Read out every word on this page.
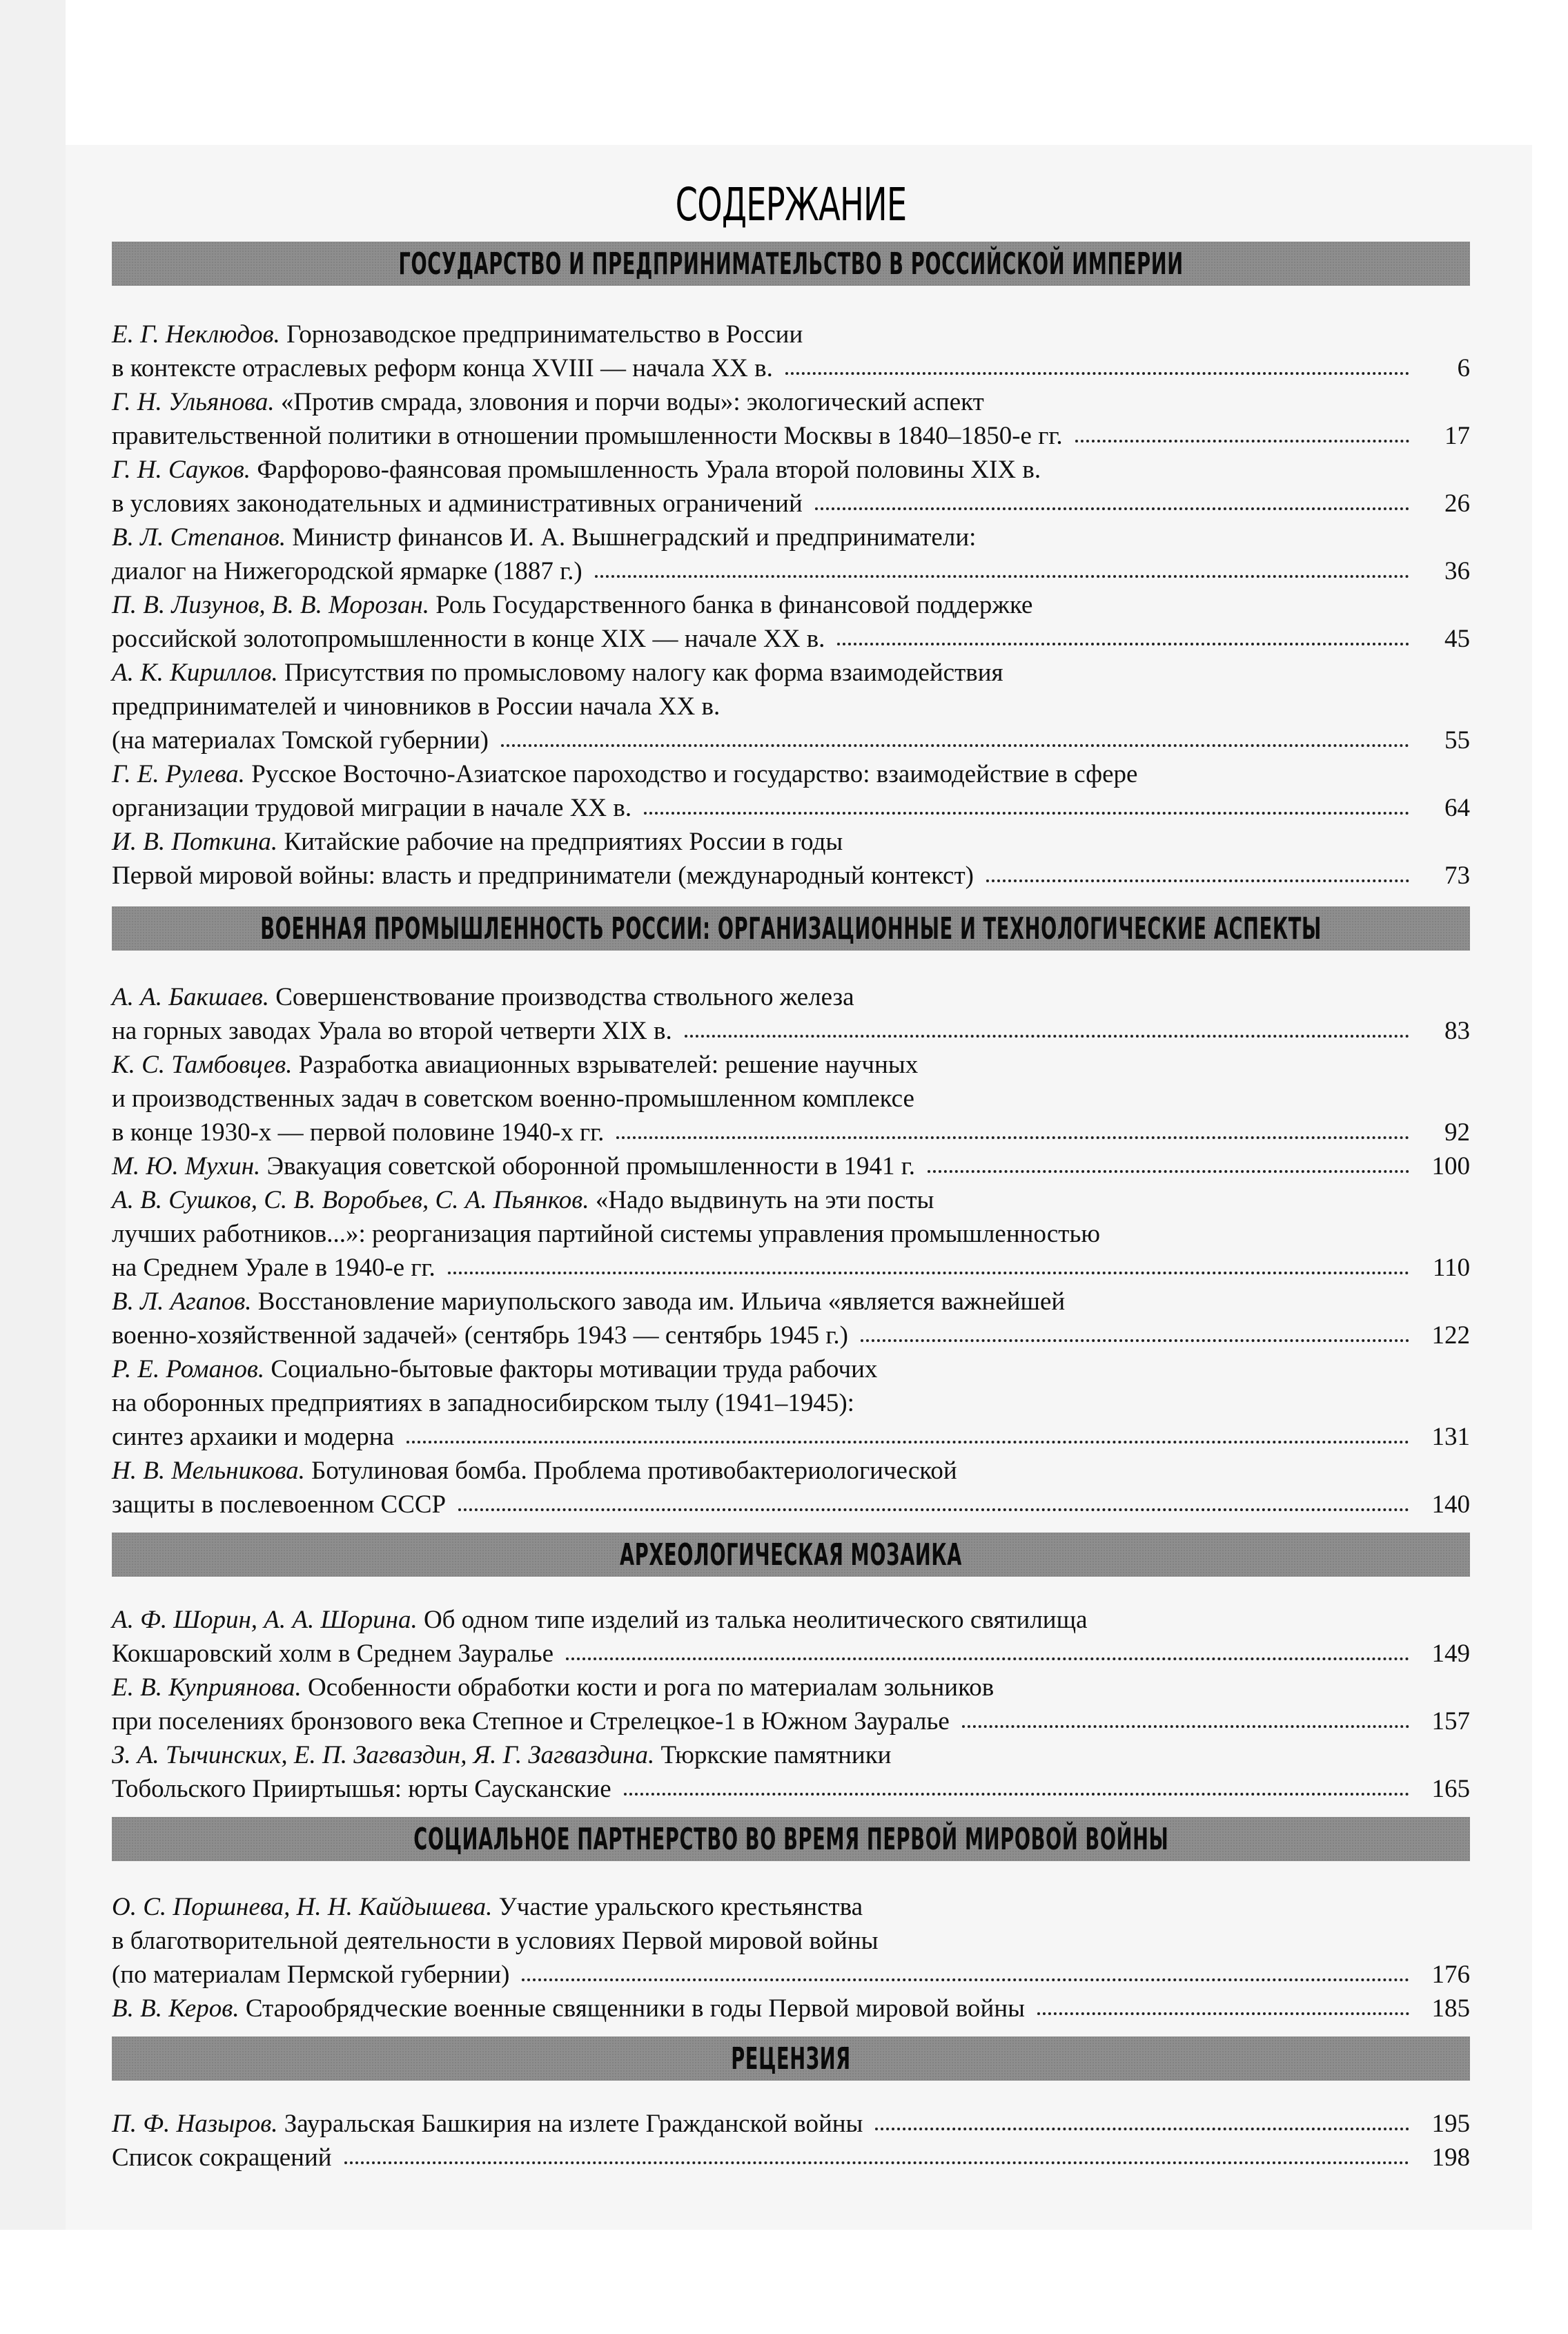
СОДЕРЖАНИЕ
ГОСУДАРСТВО И ПРЕДПРИНИМАТЕЛЬСТВО В РОССИЙСКОЙ ИМПЕРИИ
Е. Г. Неклюдов. Горнозаводское предпринимательство в России
в контексте отраслевых реформ конца XVIII — начала XX в.	6
Г. Н. Ульянова. «Против смрада, зловония и порчи воды»: экологический аспект
правительственной политики в отношении промышленности Москвы в 1840–1850-е гг.	17
Г. Н. Сауков. Фарфорово-фаянсовая промышленность Урала второй половины XIX в.
в условиях законодательных и административных ограничений	26
В. Л. Степанов. Министр финансов И. А. Вышнеградский и предприниматели:
диалог на Нижегородской ярмарке (1887 г.)	36
П. В. Лизунов, В. В. Морозан. Роль Государственного банка в финансовой поддержке
российской золотопромышленности в конце XIX — начале XX в.	45
А. К. Кириллов. Присутствия по промысловому налогу как форма взаимодействия
предпринимателей и чиновников в России начала XX в.
(на материалах Томской губернии)	55
Г. Е. Рулева. Русское Восточно-Азиатское пароходство и государство: взаимодействие в сфере
организации трудовой миграции в начале XX в.	64
И. В. Поткина. Китайские рабочие на предприятиях России в годы
Первой мировой войны: власть и предприниматели (международный контекст)	73
ВОЕННАЯ ПРОМЫШЛЕННОСТЬ РОССИИ: ОРГАНИЗАЦИОННЫЕ И ТЕХНОЛОГИЧЕСКИЕ АСПЕКТЫ
А. А. Бакшаев. Совершенствование производства ствольного железа
на горных заводах Урала во второй четверти XIX в.	83
К. С. Тамбовцев. Разработка авиационных взрывателей: решение научных
и производственных задач в советском военно-промышленном комплексе
в конце 1930-х — первой половине 1940-х гг.	92
М. Ю. Мухин. Эвакуация советской оборонной промышленности в 1941 г.	100
А. В. Сушков, С. В. Воробьев, С. А. Пьянков. «Надо выдвинуть на эти посты
лучших работников...»: реорганизация партийной системы управления промышленностью
на Среднем Урале в 1940-е гг.	110
В. Л. Агапов. Восстановление мариупольского завода им. Ильича «является важнейшей
военно-хозяйственной задачей» (сентябрь 1943 — сентябрь 1945 г.)	122
Р. Е. Романов. Социально-бытовые факторы мотивации труда рабочих
на оборонных предприятиях в западносибирском тылу (1941–1945):
синтез архаики и модерна	131
Н. В. Мельникова. Ботулиновая бомба. Проблема противобактериологической
защиты в послевоенном СССР	140
АРХЕОЛОГИЧЕСКАЯ МОЗАИКА
А. Ф. Шорин, А. А. Шорина. Об одном типе изделий из талька неолитического святилища
Кокшаровский холм в Среднем Зауралье	149
Е. В. Куприянова. Особенности обработки кости и рога по материалам зольников
при поселениях бронзового века Степное и Стрелецкое-1 в Южном Зауралье	157
З. А. Тычинских, Е. П. Загваздин, Я. Г. Загваздина. Тюркские памятники
Тобольского Прииртышья: юрты Саусканские	165
СОЦИАЛЬНОЕ ПАРТНЕРСТВО ВО ВРЕМЯ ПЕРВОЙ МИРОВОЙ ВОЙНЫ
О. С. Поршнева, Н. Н. Кайдышева. Участие уральского крестьянства
в благотворительной деятельности в условиях Первой мировой войны
(по материалам Пермской губернии)	176
В. В. Керов. Старообрядческие военные священники в годы Первой мировой войны	185
РЕЦЕНЗИЯ
П. Ф. Назыров. Зауральская Башкирия на излете Гражданской войны	195
Список сокращений	198
